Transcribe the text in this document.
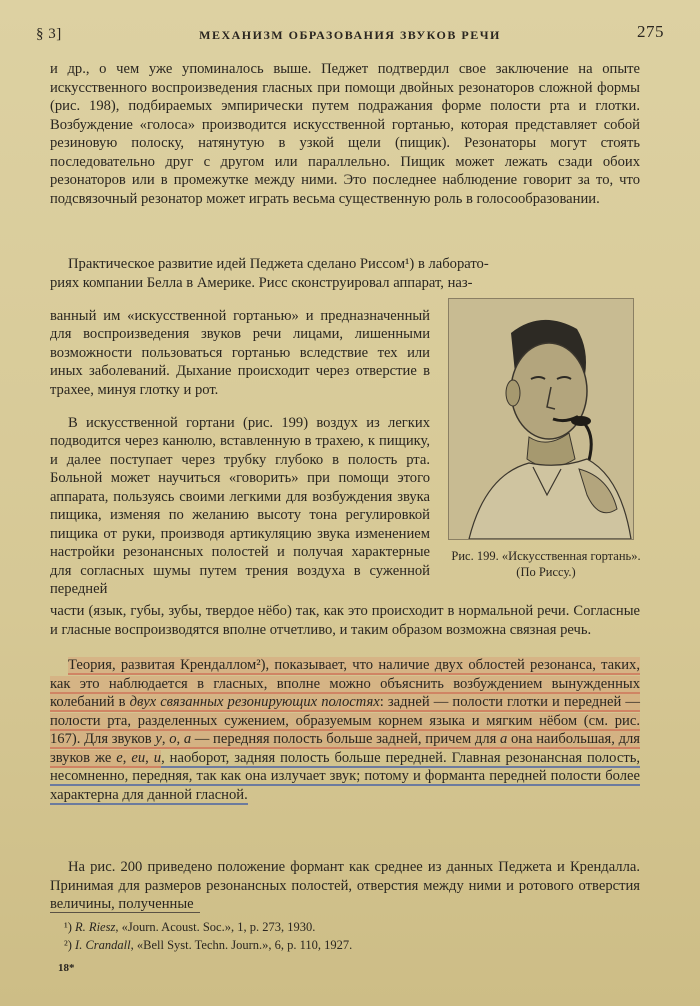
§ 3]	МЕХАНИЗМ ОБРАЗОВАНИЯ ЗВУКОВ РЕЧИ	275

и др., о чем уже упоминалось выше. Педжет подтвердил свое заключение на опыте искусственного воспроизведения гласных при помощи двойных резонаторов сложной формы (рис. 198), подбираемых эмпирически путем подражания форме полости рта и глотки. Возбуждение «голоса» производится искусственной гортанью, которая представляет собой резиновую полоску, натянутую в узкой щели (пищик). Резонаторы могут стоять последовательно друг с другом или параллельно. Пищик может лежать сзади обоих резонаторов или в промежутке между ними. Это последнее наблюдение говорит за то, что подсвязочный резонатор может играть весьма существенную роль в голосообразовании.

Практическое развитие идей Педжета сделано Риссом¹) в лаборато-

риях компании Белла в Америке. Рисс сконструировал аппарат, наз-

ванный им «искусственной гортанью» и предназначенный для воспроизведения звуков речи лицами, лишенными возможности пользоваться гортанью вследствие тех или иных заболеваний. Дыхание происходит через отверстие в трахее, минуя глотку и рот.

В искусственной гортани (рис. 199) воздух из легких подводится через канюлю, вставленную в трахею, к пищику, и далее поступает через трубку глубоко в полость рта. Больной может научиться «говорить» при помощи этого аппарата, пользуясь своими легкими для возбуждения звука пищика, изменяя по желанию высоту тона регулировкой пищика от руки, производя артикуляцию звука изменением настройки резонансных полостей и получая характерные для согласных шумы путем трения воздуха в суженной передней

Рис. 199. «Искусственная гортань». (По Риссу.)

части (язык, губы, зубы, твердое нёбо) так, как это происходит в нормальной речи. Согласные и гласные воспроизводятся вполне отчетливо, и таким образом возможна связная речь.

Теория, развитая Крендаллом²), показывает, что наличие двух облостей резонанса, таких, как это наблюдается в гласных, вполне можно объяснить возбуждением вынужденных колебаний в двух связанных резонирующих полостях: задней — полости глотки и передней — полости рта, разделенных сужением, образуемым корнем языка и мягким нёбом (см. рис. 167). Для звуков у, о, а — передняя полость больше задней, причем для а она наибольшая, для звуков же е, еи, и, наоборот, задняя полость больше передней. Главная резонансная полость, несомненно, передняя, так как она излучает звук; потому и форманта передней полости более характерна для данной гласной.

На рис. 200 приведено положение формант как среднее из данных Педжета и Крендалла. Принимая для размеров резонансных полостей, отверстия между ними и ротового отверстия величины, полученные

¹) R. Riesz, «Journ. Acoust. Soc.», 1, p. 273, 1930.
²) I. Crandall, «Bell Syst. Techn. Journ.», 6, p. 110, 1927.
18*
